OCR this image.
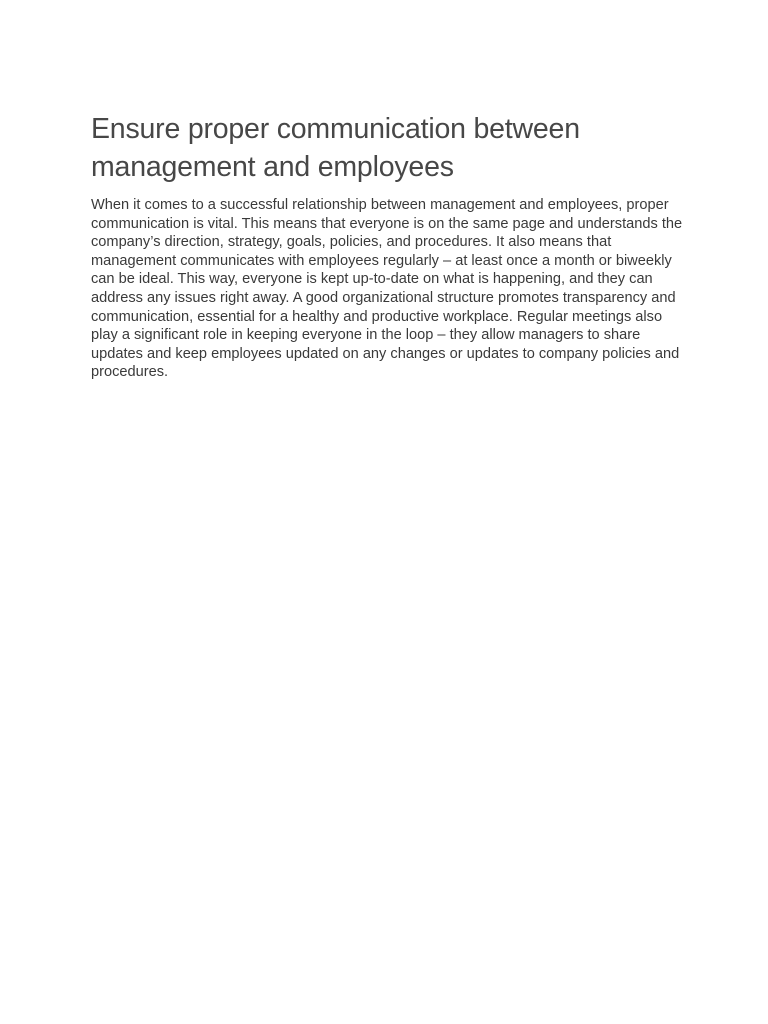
Ensure proper communication between management and employees

When it comes to a successful relationship between management and employees, proper communication is vital. This means that everyone is on the same page and understands the company’s direction, strategy, goals, policies, and procedures. It also means that management communicates with employees regularly – at least once a month or biweekly can be ideal. This way, everyone is kept up-to-date on what is happening, and they can address any issues right away. A good organizational structure promotes transparency and communication, essential for a healthy and productive workplace. Regular meetings also play a significant role in keeping everyone in the loop – they allow managers to share updates and keep employees updated on any changes or updates to company policies and procedures.
